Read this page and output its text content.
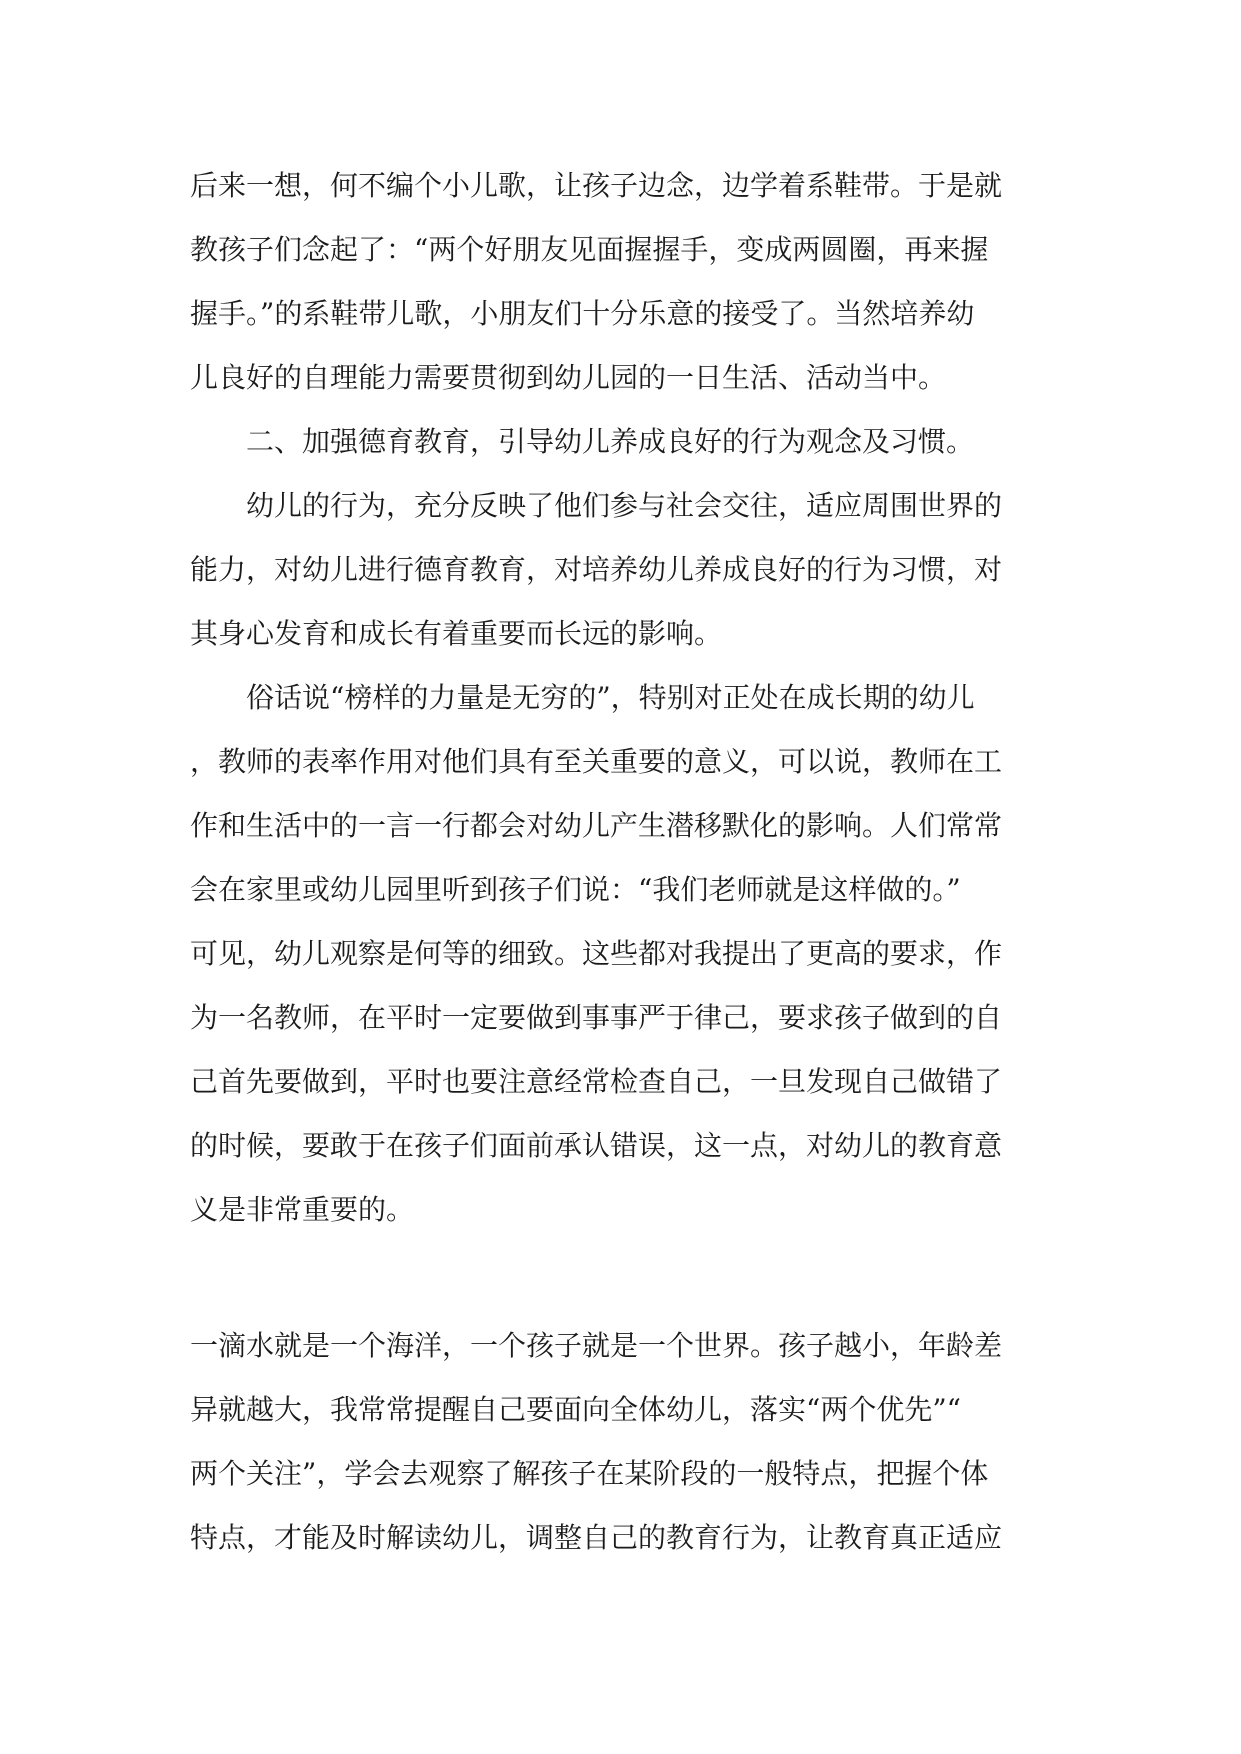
后来一想，何不编个小儿歌，让孩子边念，边学着系鞋带。于是就
教孩子们念起了：“两个好朋友见面握握手，变成两圆圈，再来握
握手。”的系鞋带儿歌，小朋友们十分乐意的接受了。当然培养幼
儿良好的自理能力需要贯彻到幼儿园的一日生活、活动当中。
二、加强德育教育，引导幼儿养成良好的行为观念及习惯。
幼儿的行为，充分反映了他们参与社会交往，适应周围世界的
能力，对幼儿进行德育教育，对培养幼儿养成良好的行为习惯，对
其身心发育和成长有着重要而长远的影响。
俗话说“榜样的力量是无穷的”，特别对正处在成长期的幼儿
，教师的表率作用对他们具有至关重要的意义，可以说，教师在工
作和生活中的一言一行都会对幼儿产生潜移默化的影响。人们常常
会在家里或幼儿园里听到孩子们说：“我们老师就是这样做的。”
可见，幼儿观察是何等的细致。这些都对我提出了更高的要求，作
为一名教师，在平时一定要做到事事严于律己，要求孩子做到的自
己首先要做到，平时也要注意经常检查自己，一旦发现自己做错了
的时候，要敢于在孩子们面前承认错误，这一点，对幼儿的教育意
义是非常重要的。
一滴水就是一个海洋，一个孩子就是一个世界。孩子越小，年龄差
异就越大，我常常提醒自己要面向全体幼儿，落实“两个优先”“
两个关注”，学会去观察了解孩子在某阶段的一般特点，把握个体
特点，才能及时解读幼儿，调整自己的教育行为，让教育真正适应
